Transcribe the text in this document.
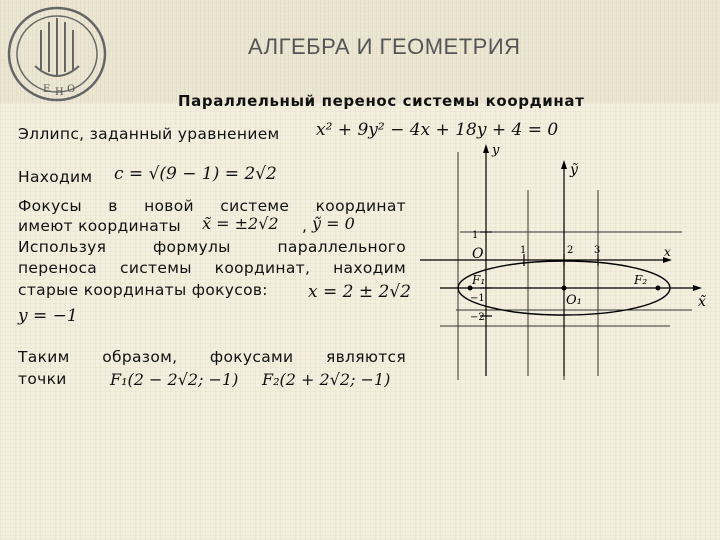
Е Н О
АЛГЕБРА И ГЕОМЕТРИЯ
Параллельный перенос системы координат
Эллипс, заданный уравнением x² + 9y² − 4x + 18y + 4 = 0
Находим c = √(9 − 1) = 2√2
Фокусы в новой системе координат
имеют координаты x̃ = ±2√2 , ỹ = 0
Используя	формулы	параллельного
переноса системы координат, находим
старые координаты фокусов: x = 2 ± 2√2
y = −1
Таким образом, фокусами являются
точки	F₁(2 − 2√2; −1) F₂(2 + 2√2; −1)
y
x
ỹ
x̃
O
O₁
F₁	F₂
1	2 3
1
−1
−2
